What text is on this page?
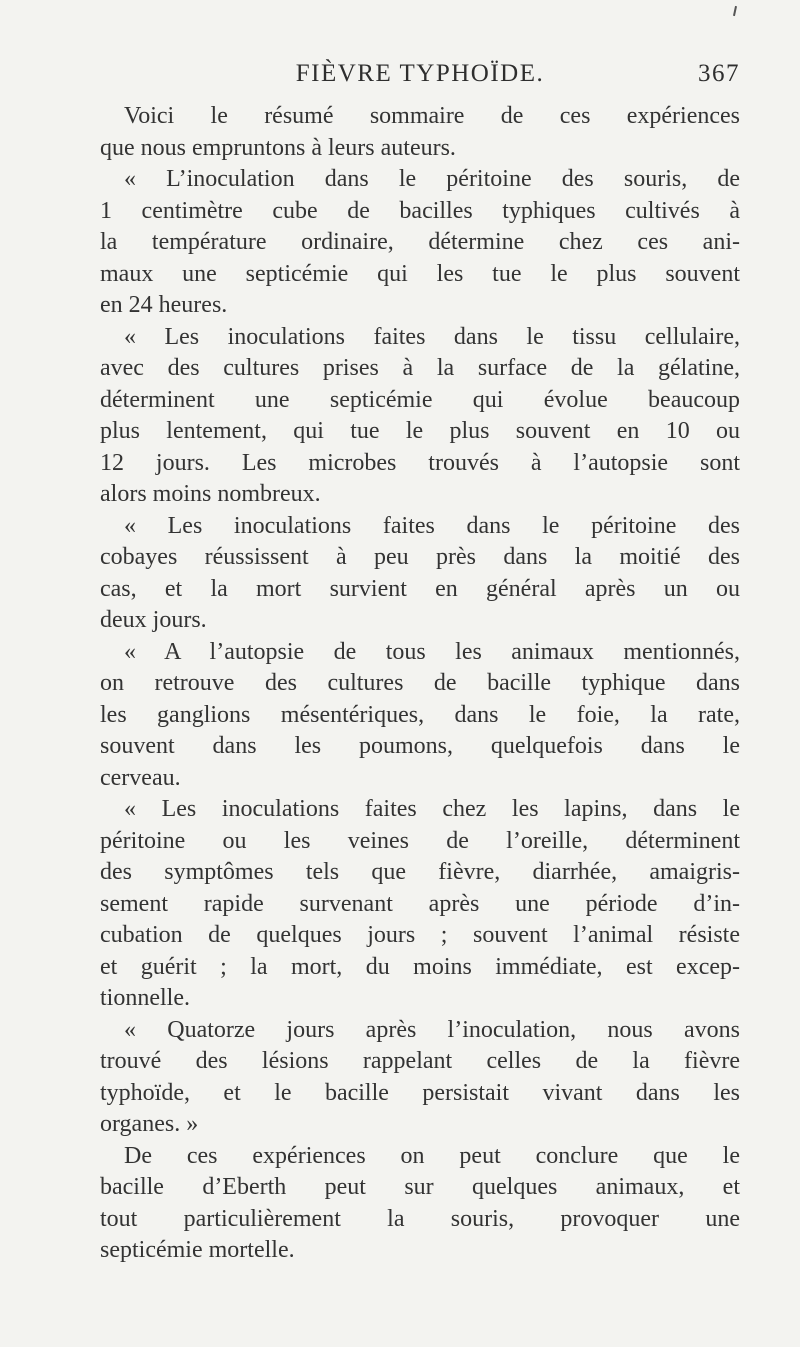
FIÈVRE TYPHOÏDE.	367

Voici le résumé sommaire de ces expériences
que nous empruntons à leurs auteurs.

« L’inoculation dans le péritoine des souris, de
1 centimètre cube de bacilles typhiques cultivés à
la température ordinaire, détermine chez ces ani-
maux une septicémie qui les tue le plus souvent
en 24 heures.

« Les inoculations faites dans le tissu cellulaire,
avec des cultures prises à la surface de la gélatine,
déterminent une septicémie qui évolue beaucoup
plus lentement, qui tue le plus souvent en 10 ou
12 jours. Les microbes trouvés à l’autopsie sont
alors moins nombreux.

« Les inoculations faites dans le péritoine des
cobayes réussissent à peu près dans la moitié des
cas, et la mort survient en général après un ou
deux jours.

« A l’autopsie de tous les animaux mentionnés,
on retrouve des cultures de bacille typhique dans
les ganglions mésentériques, dans le foie, la rate,
souvent dans les poumons, quelquefois dans le
cerveau.

« Les inoculations faites chez les lapins, dans le
péritoine ou les veines de l’oreille, déterminent
des symptômes tels que fièvre, diarrhée, amaigris-
sement rapide survenant après une période d’in-
cubation de quelques jours ; souvent l’animal résiste
et guérit ; la mort, du moins immédiate, est excep-
tionnelle.

« Quatorze jours après l’inoculation, nous avons
trouvé des lésions rappelant celles de la fièvre
typhoïde, et le bacille persistait vivant dans les
organes. »

De ces expériences on peut conclure que le
bacille d’Eberth peut sur quelques animaux, et
tout particulièrement la souris, provoquer une
septicémie mortelle.
